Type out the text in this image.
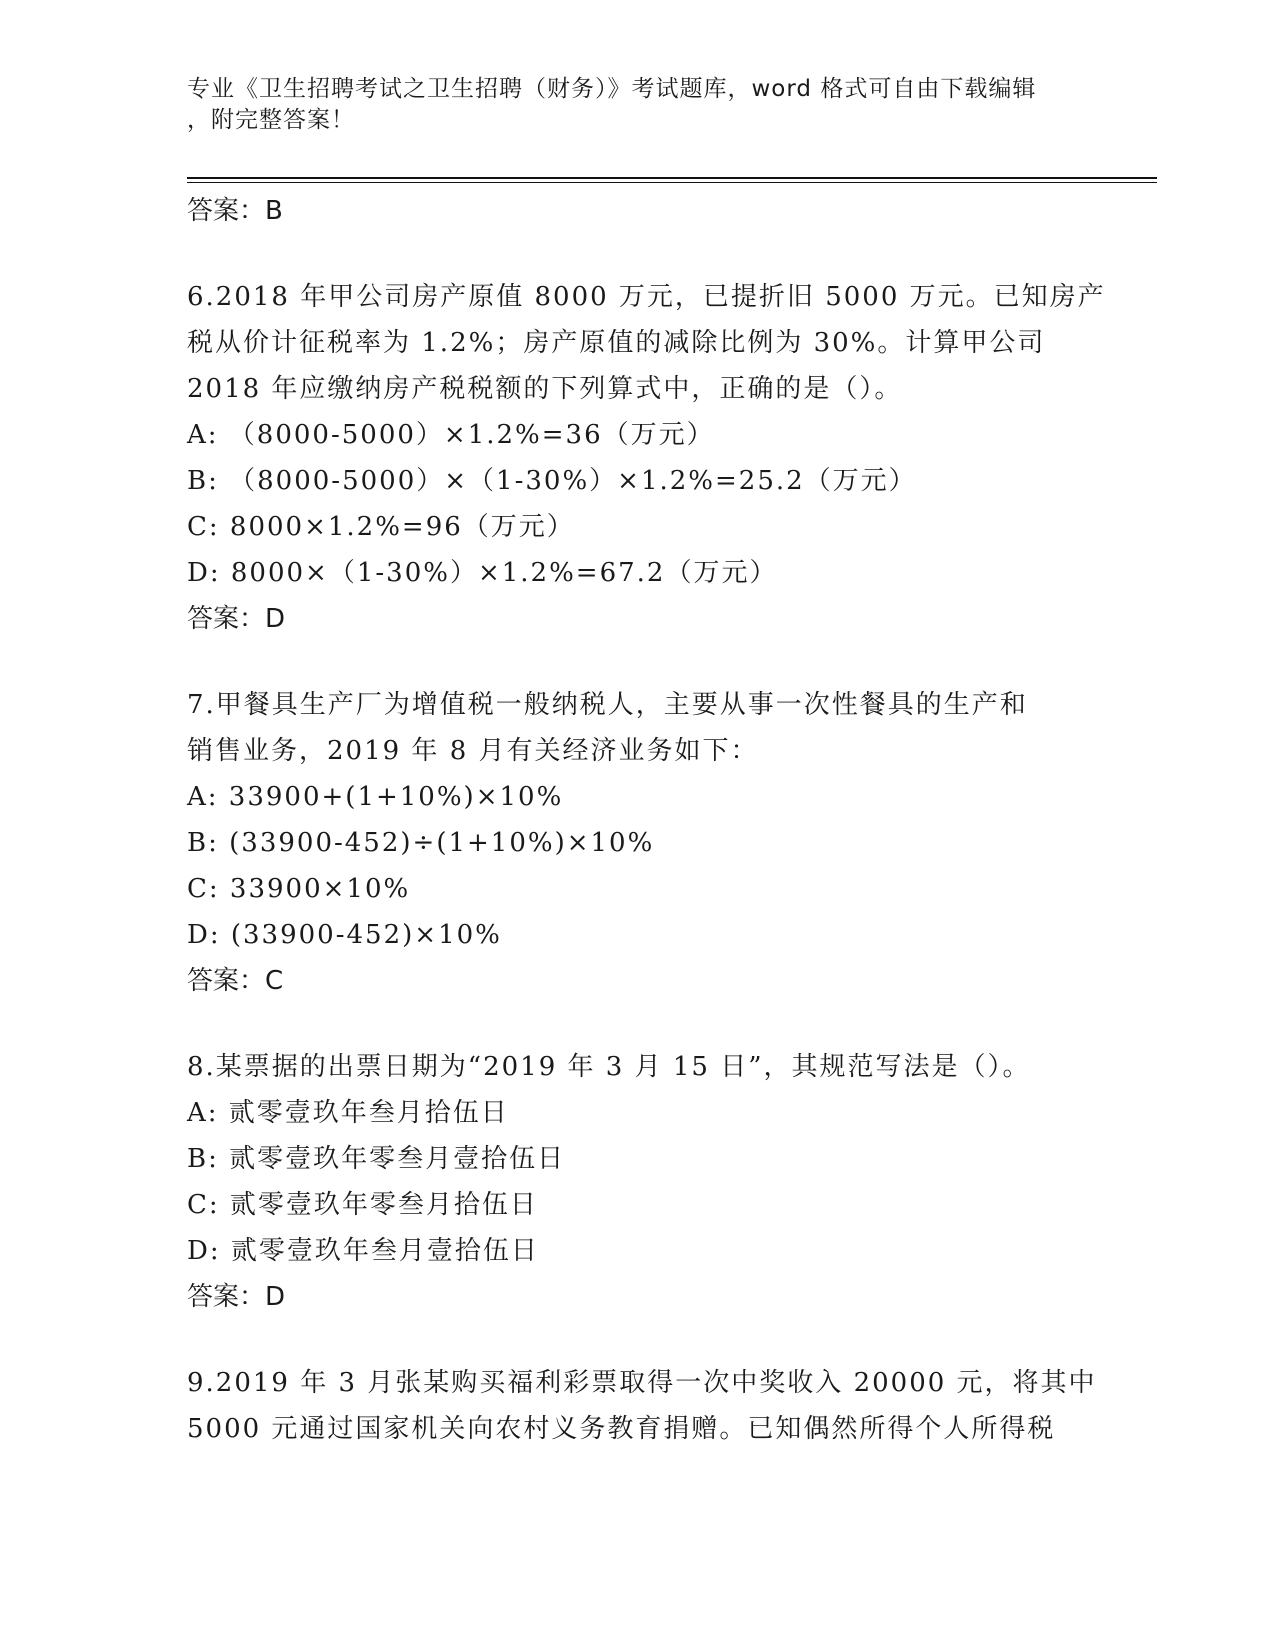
专业《卫生招聘考试之卫生招聘（财务）》考试题库，word 格式可自由下载编辑
，附完整答案！
答案：B
6.2018 年甲公司房产原值 8000 万元，已提折旧 5000 万元。已知房产
税从价计征税率为 1.2%；房产原值的减除比例为 30%。计算甲公司
2018 年应缴纳房产税税额的下列算式中，正确的是（）。
A: （8000-5000）×1.2%=36（万元）
B: （8000-5000）×（1-30%）×1.2%=25.2（万元）
C: 8000×1.2%=96（万元）
D: 8000×（1-30%）×1.2%=67.2（万元）
答案：D
7.甲餐具生产厂为增值税一般纳税人，主要从事一次性餐具的生产和
销售业务，2019 年 8 月有关经济业务如下：
A: 33900+(1+10%)×10%
B: (33900-452)÷(1+10%)×10%
C: 33900×10%
D: (33900-452)×10%
答案：C
8.某票据的出票日期为“2019 年 3 月 15 日”，其规范写法是（）。
A: 贰零壹玖年叁月拾伍日
B: 贰零壹玖年零叁月壹拾伍日
C: 贰零壹玖年零叁月拾伍日
D: 贰零壹玖年叁月壹拾伍日
答案：D
9.2019 年 3 月张某购买福利彩票取得一次中奖收入 20000 元，将其中
5000 元通过国家机关向农村义务教育捐赠。已知偶然所得个人所得税
